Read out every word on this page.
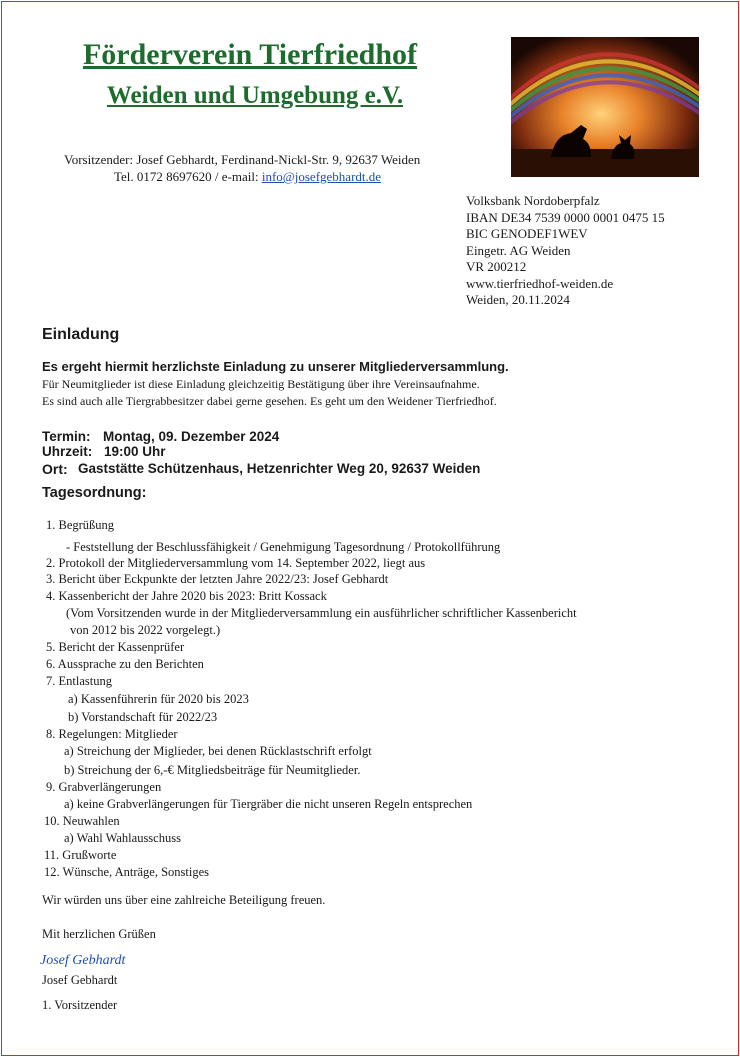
Förderverein Tierfriedhof
Weiden und Umgebung e.V.
Vorsitzender: Josef Gebhardt, Ferdinand-Nickl-Str. 9, 92637 Weiden
Tel. 0172 8697620 / e-mail: info@josefgebhardt.de
Volksbank Nordoberpfalz
IBAN DE34 7539 0000 0001 0475 15
BIC GENODEF1WEV
Eingetr. AG Weiden
VR 200212
www.tierfriedhof-weiden.de
Weiden, 20.11.2024
Einladung
Es ergeht hiermit herzlichste Einladung zu unserer Mitgliederversammlung.
Für Neumitglieder ist diese Einladung gleichzeitig Bestätigung über ihre Vereinsaufnahme.
Es sind auch alle Tiergrabbesitzer dabei gerne gesehen. Es geht um den Weidener Tierfriedhof.
Termin: Montag, 09. Dezember 2024
Uhrzeit: 19:00 Uhr
Ort: Gaststätte Schützenhaus, Hetzenrichter Weg 20, 92637 Weiden
Tagesordnung:
1. Begrüßung
- Feststellung der Beschlussfähigkeit / Genehmigung Tagesordnung / Protokollführung
2. Protokoll der Mitgliederversammlung vom 14. September 2022, liegt aus
3. Bericht über Eckpunkte der letzten Jahre 2022/23: Josef Gebhardt
4. Kassenbericht der Jahre 2020 bis 2023: Britt Kossack
(Vom Vorsitzenden wurde in der Mitgliederversammlung ein ausführlicher schriftlicher Kassenbericht
von 2012 bis 2022 vorgelegt.)
5. Bericht der Kassenprüfer
6. Aussprache zu den Berichten
7. Entlastung
a) Kassenführerin für 2020 bis 2023
b) Vorstandschaft für 2022/23
8. Regelungen: Mitglieder
a) Streichung der Miglieder, bei denen Rücklastschrift erfolgt
b) Streichung der 6,-€ Mitgliedsbeiträge für Neumitglieder.
9. Grabverlängerungen
a) keine Grabverlängerungen für Tiergräber die nicht unseren Regeln entsprechen
10. Neuwahlen
a) Wahl Wahlausschuss
11. Grußworte
12. Wünsche, Anträge, Sonstiges
Wir würden uns über eine zahlreiche Beteiligung freuen.
Mit herzlichen Grüßen
Josef Gebhardt
Josef Gebhardt
1. Vorsitzender
